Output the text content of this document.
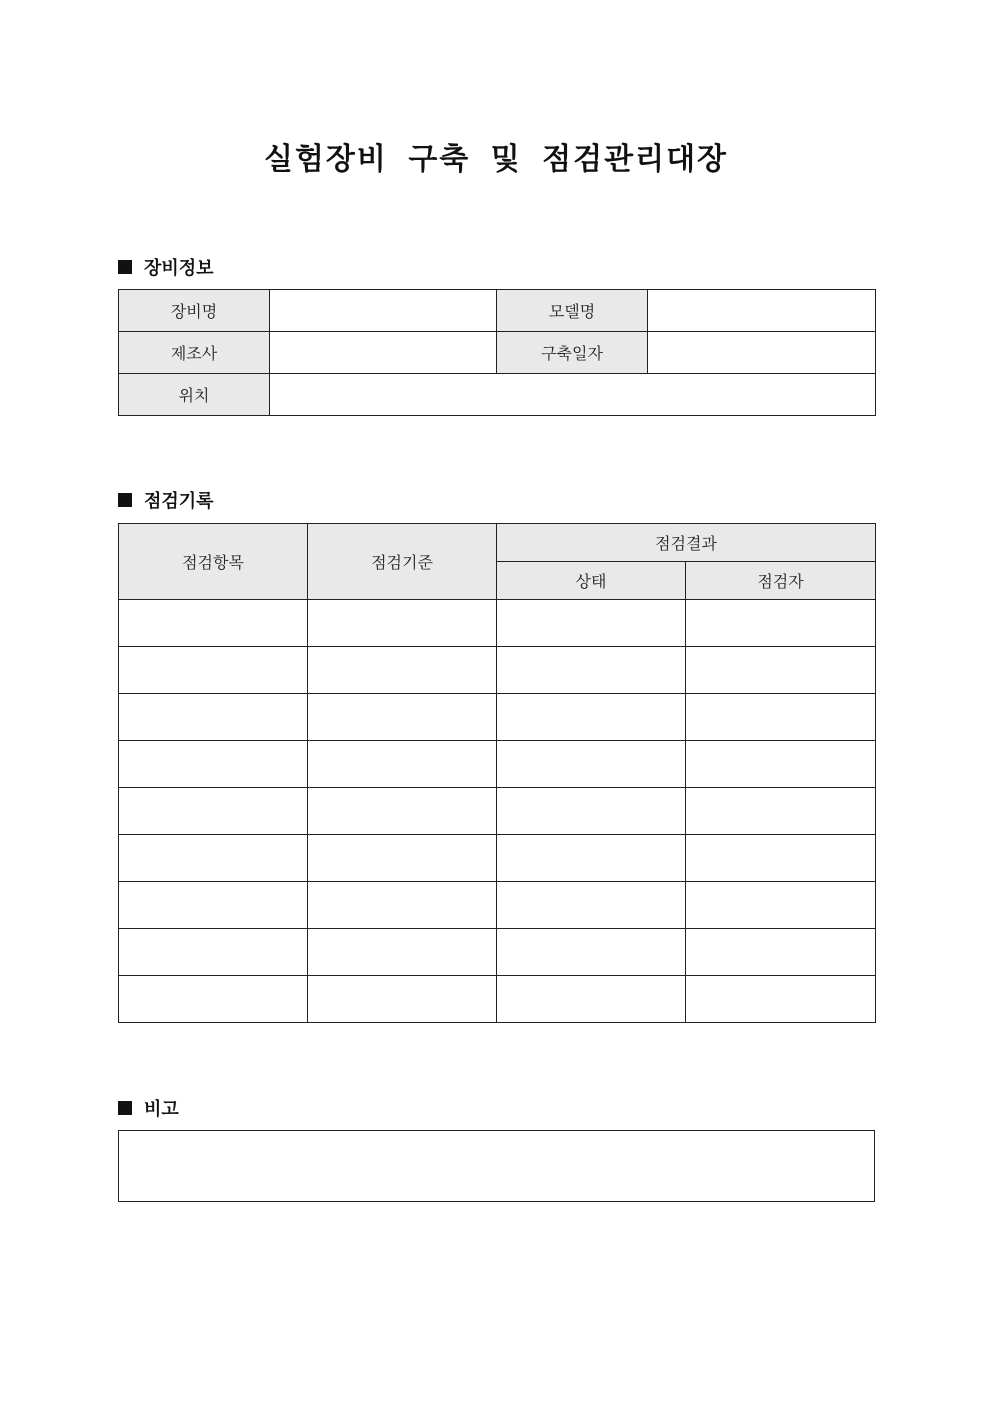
실험장비 구축 및 점검관리대장
장비정보
장비명		모델명	
제조사		구축일자	
위치			
점검기록
점검항목	점검기준	점검결과	
		상태	점검자

비고
